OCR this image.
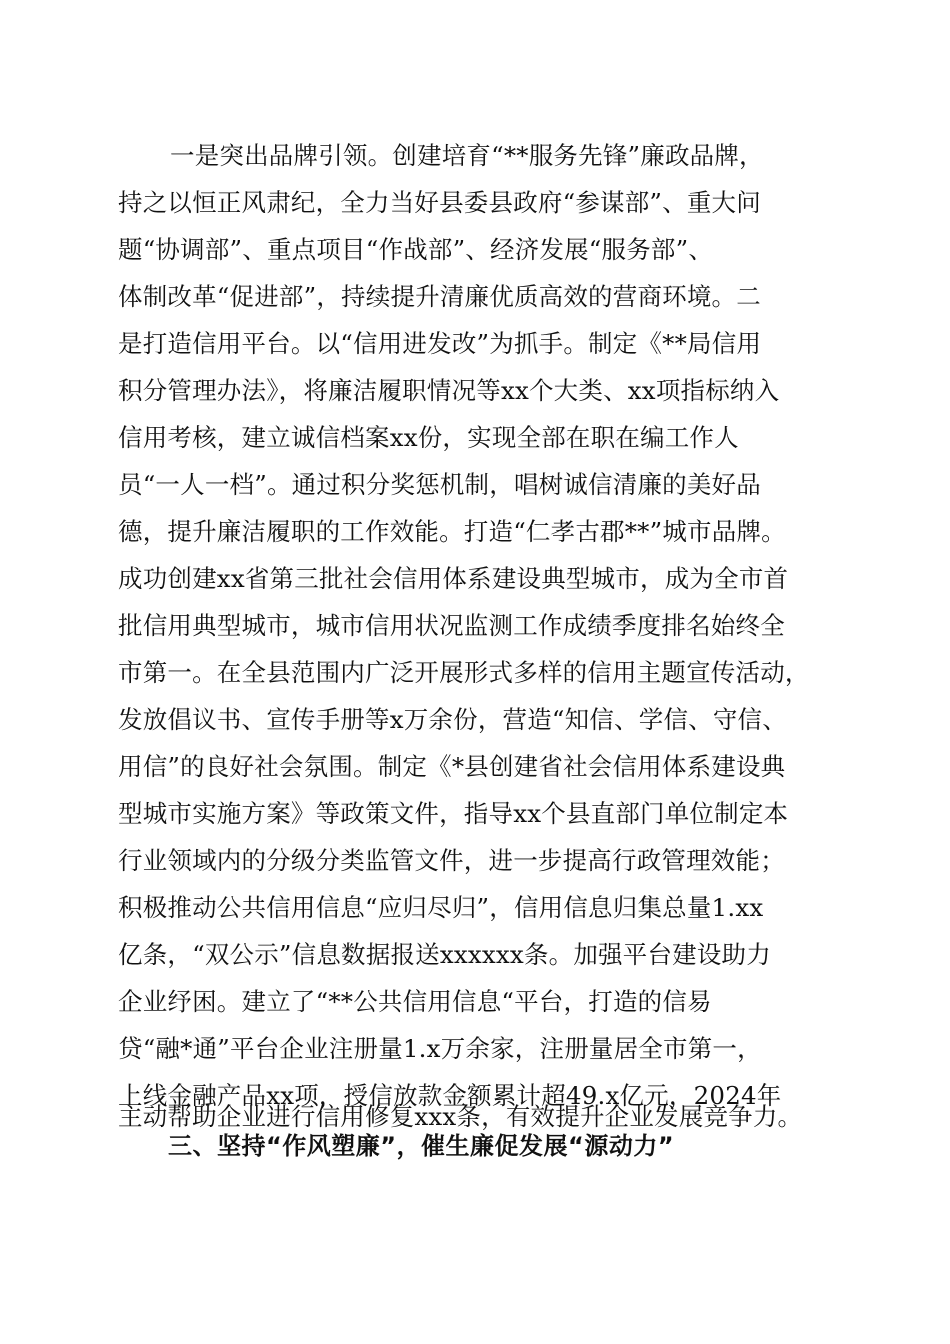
一是突出品牌引领。创建培育“**服务先锋”廉政品牌，
持之以恒正风肃纪，全力当好县委县政府“参谋部”、重大问
题“协调部”、重点项目“作战部”、经济发展“服务部”、
体制改革“促进部”，持续提升清廉优质高效的营商环境。二
是打造信用平台。以“信用进发改”为抓手。制定《**局信用
积分管理办法》，将廉洁履职情况等xx个大类、xx项指标纳入
信用考核，建立诚信档案xx份，实现全部在职在编工作人
员“一人一档”。通过积分奖惩机制，唱树诚信清廉的美好品
德，提升廉洁履职的工作效能。打造“仁孝古郡**”城市品牌。
成功创建xx省第三批社会信用体系建设典型城市，成为全市首
批信用典型城市，城市信用状况监测工作成绩季度排名始终全
市第一。在全县范围内广泛开展形式多样的信用主题宣传活动，
发放倡议书、宣传手册等x万余份，营造“知信、学信、守信、
用信”的良好社会氛围。制定《*县创建省社会信用体系建设典
型城市实施方案》等政策文件，指导xx个县直部门单位制定本
行业领域内的分级分类监管文件，进一步提高行政管理效能；
积极推动公共信用信息“应归尽归”，信用信息归集总量1.xx
亿条，“双公示”信息数据报送xxxxxx条。加强平台建设助力
企业纾困。建立了“**公共信用信息“平台，打造的信易
贷“融*通”平台企业注册量1.x万余家，注册量居全市第一，
上线金融产品xx项，授信放款金额累计超49.x亿元，2024年
主动帮助企业进行信用修复xxx条，有效提升企业发展竞争力。
三、坚持“作风塑廉”，催生廉促发展“源动力”
